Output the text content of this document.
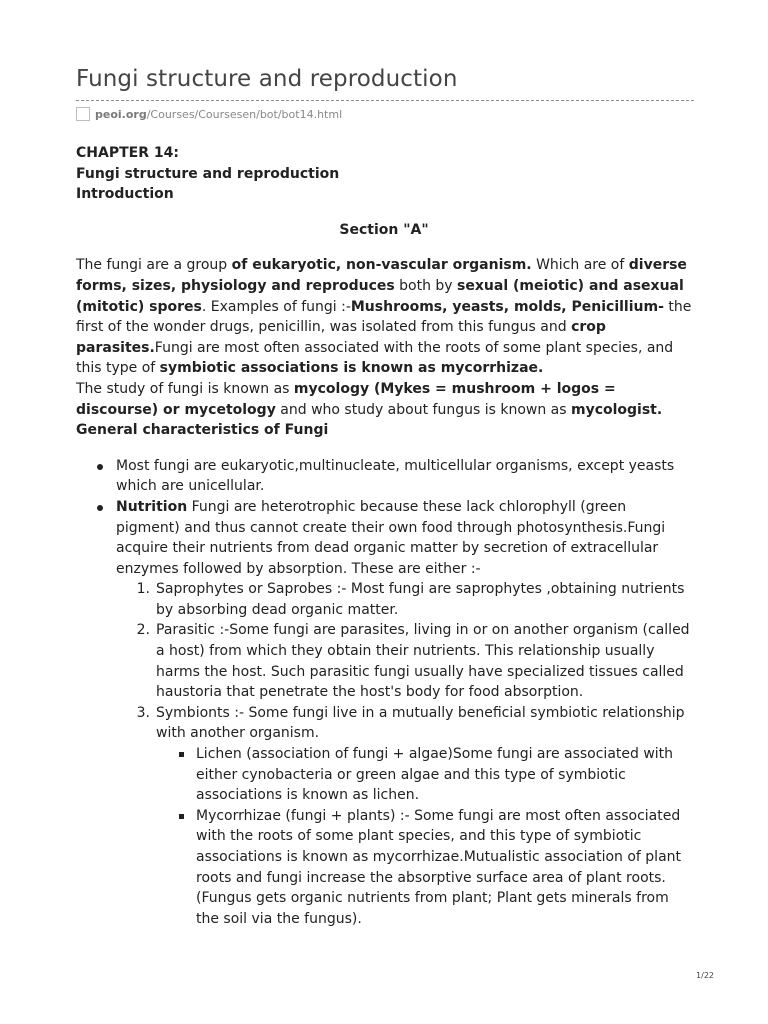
Fungi structure and reproduction
peoi.org /Courses/Coursesen/bot/bot14.html
CHAPTER 14:
Fungi structure and reproduction
Introduction
Section "A"

The fungi are a group of eukaryotic, non-vascular organism. Which are of diverse forms, sizes, physiology and reproduces both by sexual (meiotic) and asexual (mitotic) spores. Examples of fungi :-Mushrooms, yeasts, molds, Penicillium- the first of the wonder drugs, penicillin, was isolated from this fungus and crop parasites.Fungi are most often associated with the roots of some plant species, and this type of symbiotic associations is known as mycorrhizae.

The study of fungi is known as mycology (Mykes = mushroom + logos = discourse) or mycetology and who study about fungus is known as mycologist.

General characteristics of Fungi
Most fungi are eukaryotic,multinucleate, multicellular organisms, except yeasts which are unicellular.
Nutrition Fungi are heterotrophic because these lack chlorophyll (green pigment) and thus cannot create their own food through photosynthesis.Fungi acquire their nutrients from dead organic matter by secretion of extracellular enzymes followed by absorption. These are either :-
1. Saprophytes or Saprobes :- Most fungi are saprophytes ,obtaining nutrients by absorbing dead organic matter.
2. Parasitic :-Some fungi are parasites, living in or on another organism (called a host) from which they obtain their nutrients. This relationship usually harms the host. Such parasitic fungi usually have specialized tissues called haustoria that penetrate the host's body for food absorption.
3. Symbionts :- Some fungi live in a mutually beneficial symbiotic relationship with another organism.
Lichen (association of fungi + algae)Some fungi are associated with either cynobacteria or green algae and this type of symbiotic associations is known as lichen.
Mycorrhizae (fungi + plants) :- Some fungi are most often associated with the roots of some plant species, and this type of symbiotic associations is known as mycorrhizae.Mutualistic association of plant roots and fungi increase the absorptive surface area of plant roots. (Fungus gets organic nutrients from plant; Plant gets minerals from the soil via the fungus).
1/22
